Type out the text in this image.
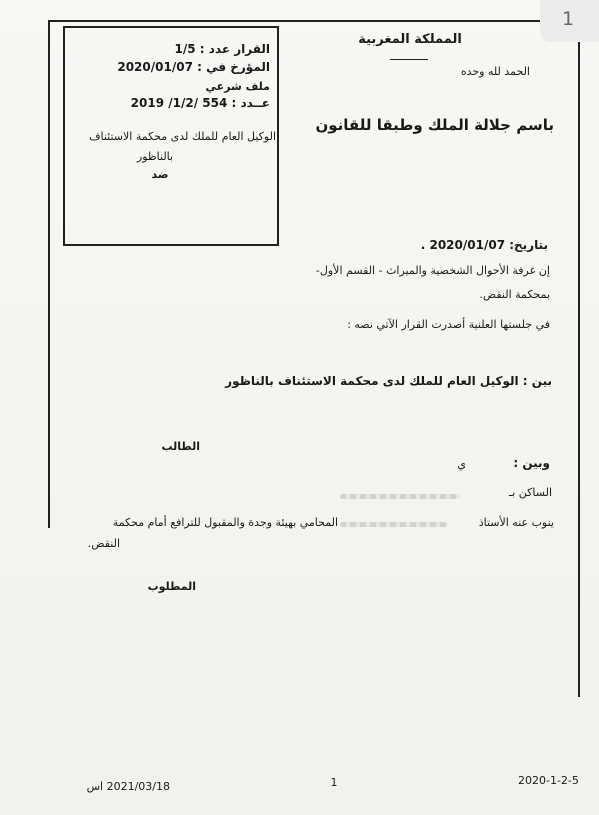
1
القرار عدد : 1/5
المؤرخ في : 2020/01/07
ملف شرعي
عــدد : 554 /1/2/ 2019
الوكيل العام للملك لدى محكمة الاستئناف
بالناظور
ضد
المملكة المغربية
الحمد لله وحده
باسم جلالة الملك وطبقا للقانون
بتاريخ: 2020/01/07 .
إن غرفة الأحوال الشخصية والميراث - القسم الأول-
بمحكمة النقض.
في جلستها العلنية أصدرت القرار الآتي نصه :
بين : الوكيل العام للملك لدى محكمة الاستئناف بالناظور
الطالب
وبين :
ي
الساكن بـ
ينوب عنه الأستاذ
المحامي بهيئة وجدة والمقبول للترافع أمام محكمة
النقض.
المطلوب
2021/03/18 اس	1	2020-1-2-5
